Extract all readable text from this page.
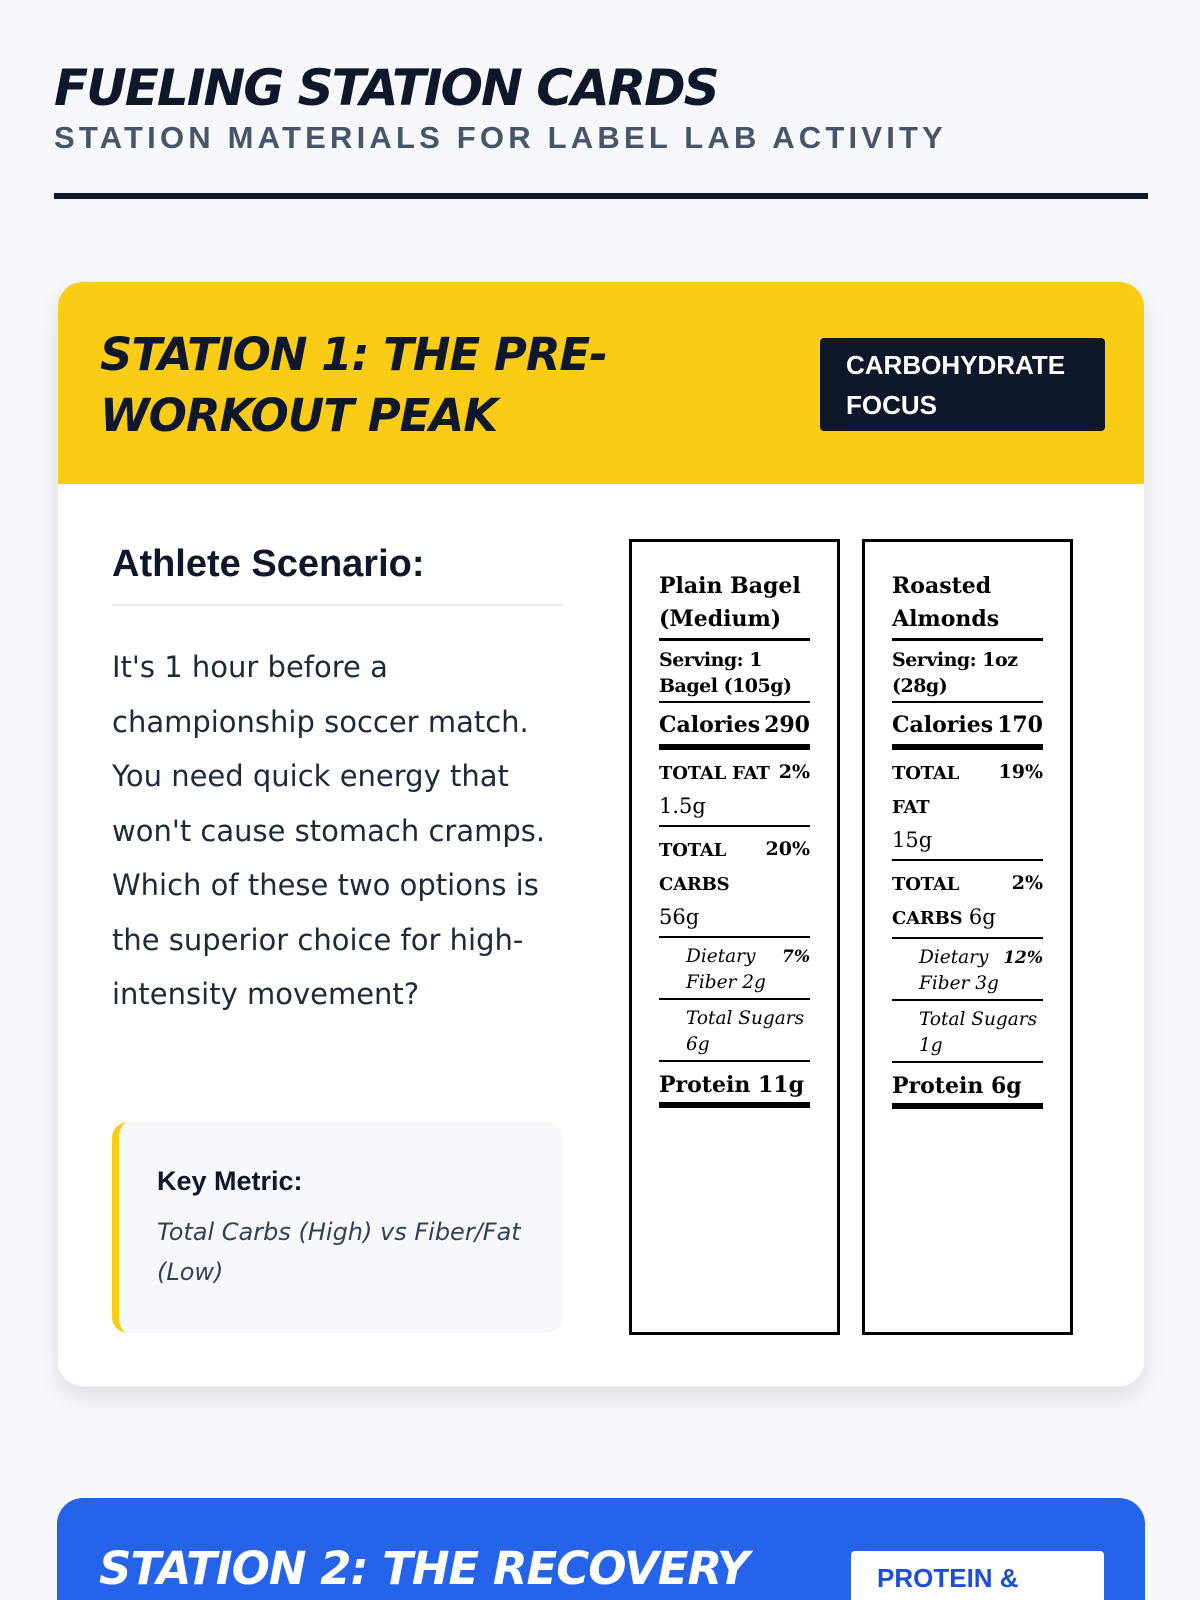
FUELING STATION CARDS
STATION MATERIALS FOR LABEL LAB ACTIVITY
STATION 1: THE PRE-WORKOUT PEAK
CARBOHYDRATE FOCUS
Athlete Scenario:
It's 1 hour before a championship soccer match. You need quick energy that won't cause stomach cramps. Which of these two options is the superior choice for high-intensity movement?
Key Metric:
Total Carbs (High) vs Fiber/Fat (Low)
Plain Bagel (Medium)
Serving: 1 Bagel (105g)
Calories 290
TOTAL FAT
1.5g
2%
TOTAL CARBS
56g
20%
Dietary Fiber 2g
7%
Total Sugars 6g
Protein 11g
Roasted Almonds
Serving: 1oz (28g)
Calories 170
TOTAL FAT
15g
19%
TOTAL CARBS 6g
2%
Dietary Fiber 3g
12%
Total Sugars 1g
Protein 6g
STATION 2: THE RECOVERY	PROTEIN &
